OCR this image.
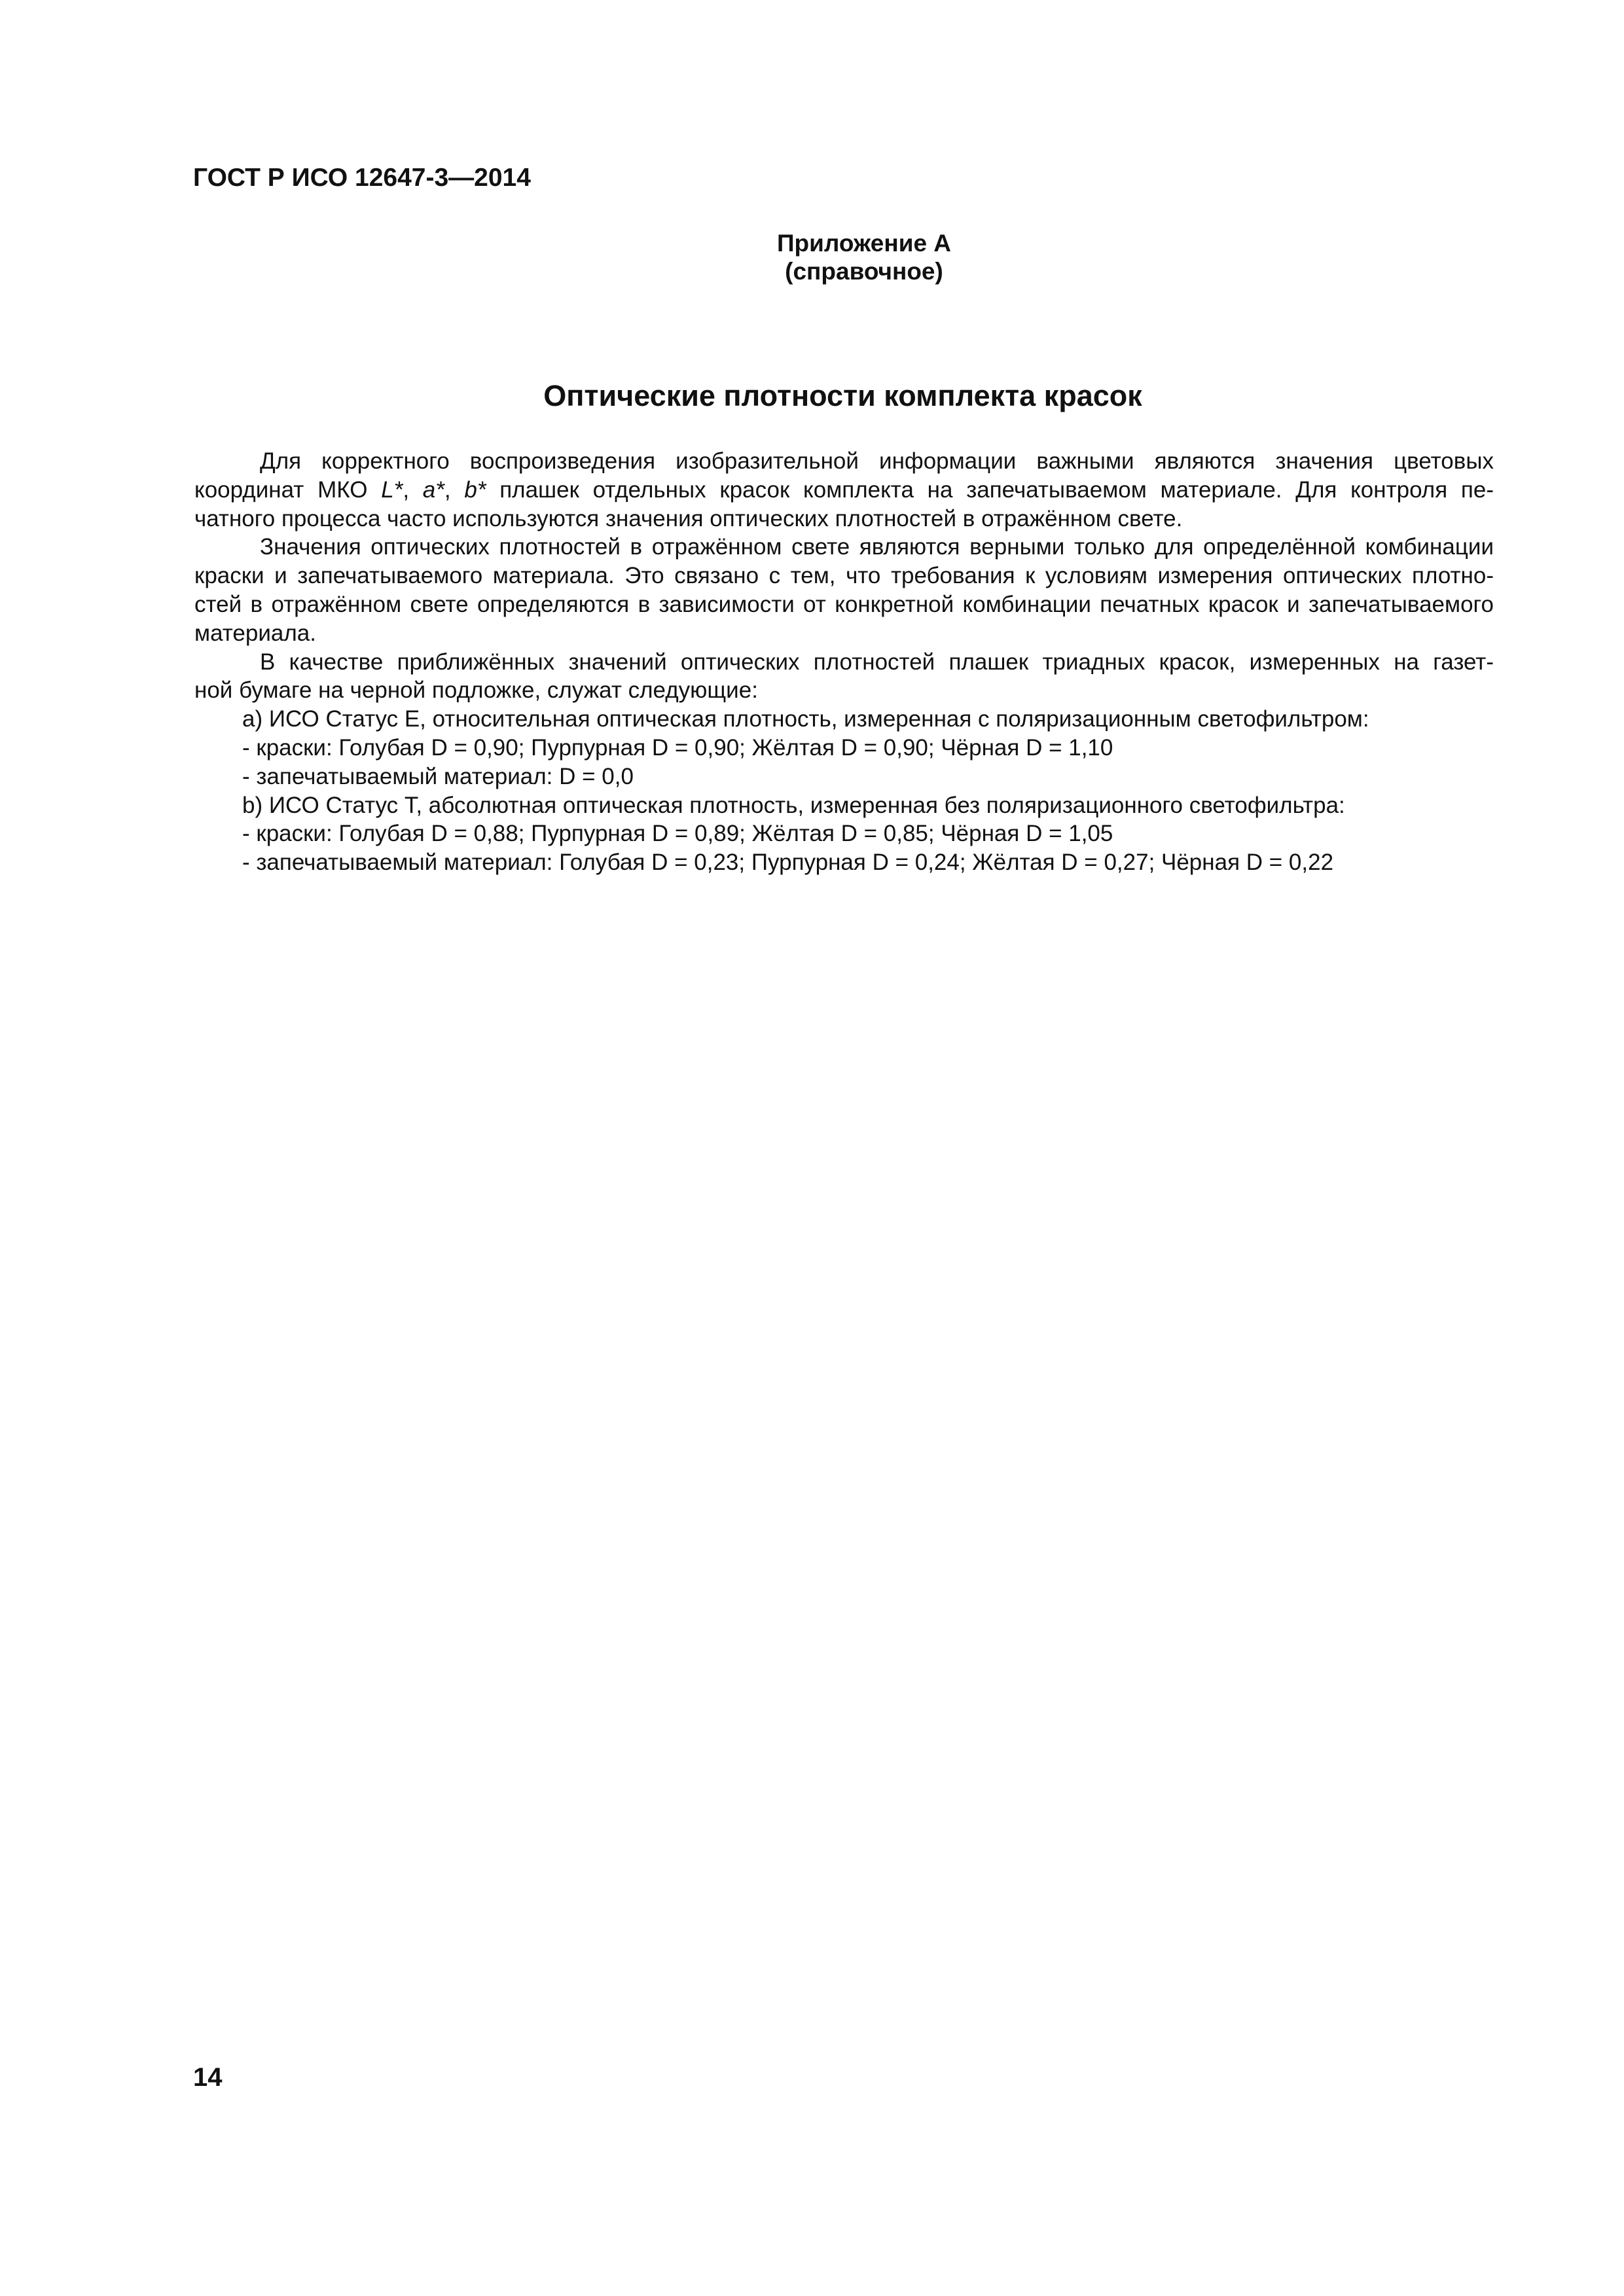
ГОСТ Р ИСО 12647-3—2014
Приложение А
(справочное)
Оптические плотности комплекта красок
Для корректного воспроизведения изобразительной информации важными являются значения цветовых
координат МКО L*, a*, b* плашек отдельных красок комплекта на запечатываемом материале. Для контроля пе-
чатного процесса часто используются значения оптических плотностей в отражённом свете.
Значения оптических плотностей в отражённом свете являются верными только для определённой комбинации
краски и запечатываемого материала. Это связано с тем, что требования к условиям измерения оптических плотно-
стей в отражённом свете определяются в зависимости от конкретной комбинации печатных красок и запечатываемого
материала.
В качестве приближённых значений оптических плотностей плашек триадных красок, измеренных на газет-
ной бумаге на черной подложке, служат следующие:
а) ИСО Статус Е, относительная оптическая плотность, измеренная с поляризационным светофильтром:
- краски: Голубая D = 0,90; Пурпурная D = 0,90; Жёлтая D = 0,90; Чёрная D = 1,10
- запечатываемый материал: D = 0,0
b) ИСО Статус Т, абсолютная оптическая плотность, измеренная без поляризационного светофильтра:
- краски: Голубая D = 0,88; Пурпурная D = 0,89; Жёлтая D = 0,85; Чёрная D = 1,05
- запечатываемый материал: Голубая D = 0,23; Пурпурная D = 0,24; Жёлтая D = 0,27; Чёрная D = 0,22
14
